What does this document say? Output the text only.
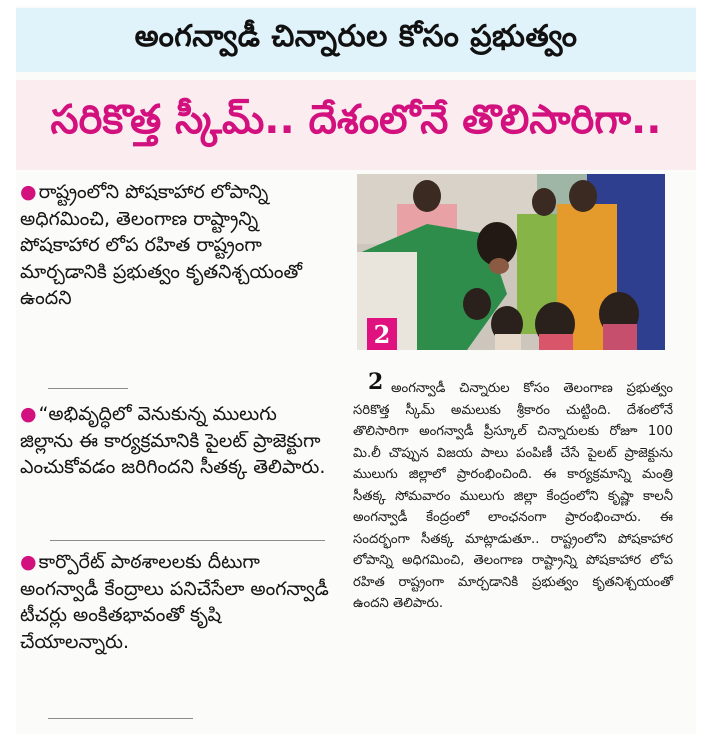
అంగన్వాడీ చిన్నారుల కోసం ప్రభుత్వం
సరికొత్త స్కీమ్.. దేశంలోనే తొలిసారిగా..
● రాష్ట్రంలోని పోషకాహార లోపాన్ని అధిగమించి, తెలంగాణ రాష్ట్రాన్ని పోషకాహార లోప రహిత రాష్ట్రంగా మార్చడానికి ప్రభుత్వం కృతనిశ్చయంతో ఉందని
● “అభివృద్ధిలో వెనుకున్న ములుగు జిల్లాను ఈ కార్యక్రమానికి పైలట్ ప్రాజెక్టుగా ఎంచుకోవడం జరిగిందని సీతక్క తెలిపారు.
● కార్పొరేట్ పాఠశాలలకు దీటుగా అంగన్వాడీ కేంద్రాలు పనిచేసేలా అంగన్వాడీ టీచర్లు అంకితభావంతో కృషి చేయాలన్నారు.
2
2 అంగన్వాడీ చిన్నారుల కోసం తెలంగాణ ప్రభుత్వం సరికొత్త స్కీమ్ అమలుకు శ్రీకారం చుట్టింది. దేశంలోనే తొలిసారిగా అంగన్వాడీ ప్రీస్కూల్ చిన్నారులకు రోజూ 100 మి.లీ చొప్పున విజయ పాలు పంపిణీ చేసే పైలట్ ప్రాజెక్టును ములుగు జిల్లాలో ప్రారంభించింది. ఈ కార్యక్రమాన్ని మంత్రి సీతక్క సోమవారం ములుగు జిల్లా కేంద్రంలోని కృష్ణా కాలనీ అంగన్వాడీ కేంద్రంలో లాంఛనంగా ప్రారంభించారు. ఈ సందర్భంగా సీతక్క మాట్లాడుతూ.. రాష్ట్రంలోని పోషకాహార లోపాన్ని అధిగమించి, తెలంగాణ రాష్ట్రాన్ని పోషకాహార లోప రహిత రాష్ట్రంగా మార్చడానికి ప్రభుత్వం కృతనిశ్చయంతో ఉందని తెలిపారు.
